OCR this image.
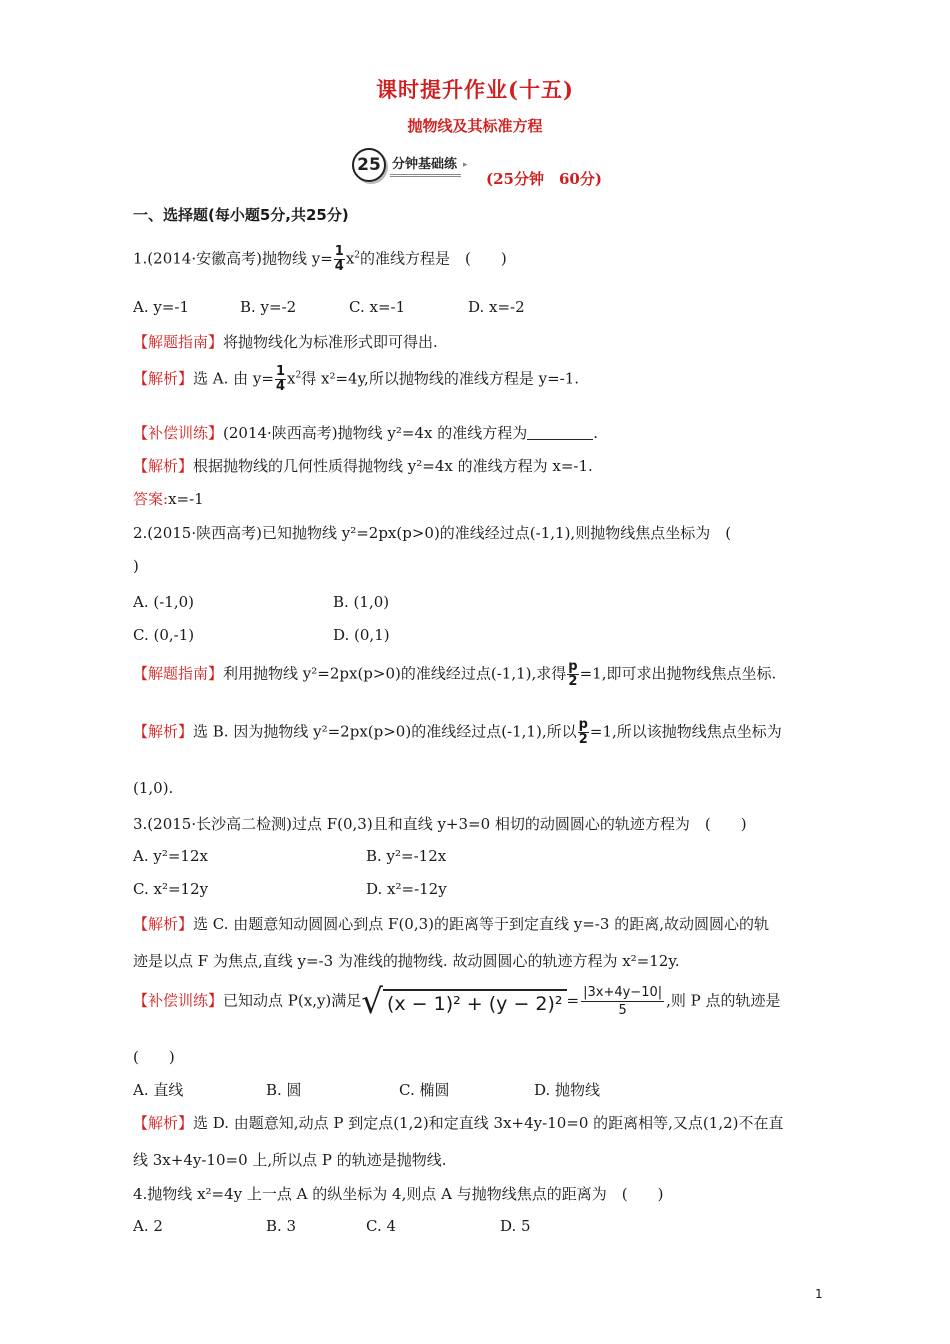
课时提升作业(十五)
抛物线及其标准方程
25 分钟基础练 ▸
(25分钟　60分)
一、选择题(每小题5分,共25分)
1.(2014·安徽高考)抛物线 $y= \frac{1}{4} x^2$的准线方程是　(　　)
A. y=-1	B. y=-2	C. x=-1	D. x=-2
【解题指南】将抛物线化为标准形式即可得出.
【解析】选 A. 由 $y= \frac{1}{4} x^2$得 x²=4y,所以抛物线的准线方程是 y=-1.
【补偿训练】(2014·陕西高考)抛物线 y²=4x 的准线方程为	.
【解析】根据抛物线的几何性质得抛物线 y²=4x 的准线方程为 x=-1.
答案:x=-1
2.(2015·陕西高考)已知抛物线 y²=2px(p>0)的准线经过点(-1,1),则抛物线焦点坐标为　(
)
A. (-1,0)	B. (1,0)
C. (0,-1)	D. (0,1)
【解题指南】利用抛物线 y²=2px(p>0)的准线经过点(-1,1),求得 $\frac{p}{2} =1$,即可求出抛物线焦点坐标.
【解析】选 B. 因为抛物线 y²=2px(p>0)的准线经过点(-1,1),所以 $\frac{p}{2} =1$,所以该抛物线焦点坐标为
(1,0).
3.(2015·长沙高二检测)过点 F(0,3)且和直线 y+3=0 相切的动圆圆心的轨迹方程为　(　　)
A. y²=12x	B. y²=-12x
C. x²=12y	D. x²=-12y
【解析】选 C. 由题意知动圆圆心到点 F(0,3)的距离等于到定直线 y=-3 的距离,故动圆圆心的轨
迹是以点 F 为焦点,直线 y=-3 为准线的抛物线. 故动圆圆心的轨迹方程为 x²=12y.
【补偿训练】已知动点 P(x,y)满足 √ $(x - 1)^2 + (y - 2)^2 = \frac{|3x+4y-10|}{5}$ ,则 P 点的轨迹是
(　　)
A. 直线	B. 圆	C. 椭圆	D. 抛物线
【解析】选 D. 由题意知,动点 P 到定点(1,2)和定直线 3x+4y-10=0 的距离相等,又点(1,2)不在直
线 3x+4y-10=0 上,所以点 P 的轨迹是抛物线.
4.抛物线 x²=4y 上一点 A 的纵坐标为 4,则点 A 与抛物线焦点的距离为　(　　)
A. 2	B. 3	C. 4	D. 5
1
